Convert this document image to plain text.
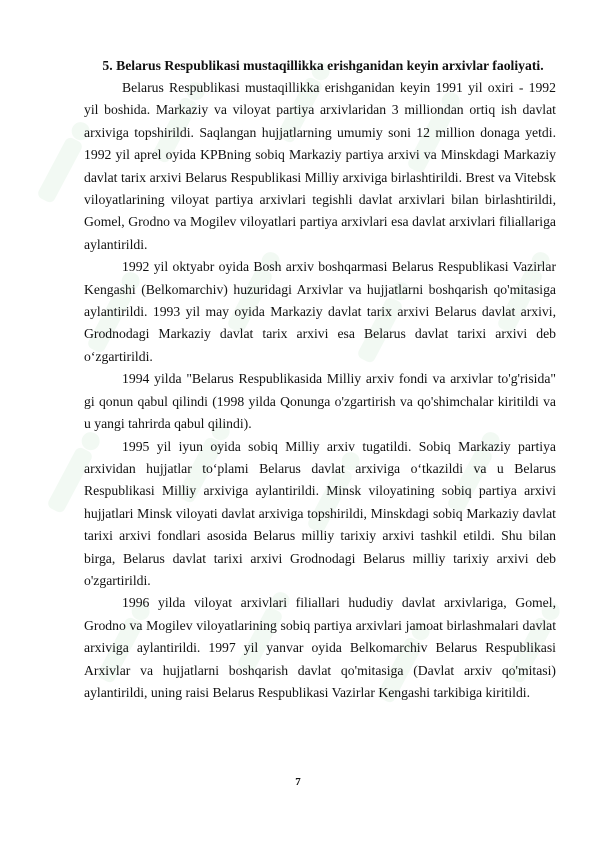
5. Belarus Respublikasi mustaqillikka erishganidan keyin arxivlar faoliyati.

Belarus Respublikasi mustaqillikka erishganidan keyin 1991 yil oxiri - 1992 yil boshida. Markaziy va viloyat partiya arxivlaridan 3 milliondan ortiq ish davlat arxiviga topshirildi. Saqlangan hujjatlarning umumiy soni 12 million donaga yetdi. 1992 yil aprel oyida KPBning sobiq Markaziy partiya arxivi va Minskdagi Markaziy davlat tarix arxivi Belarus Respublikasi Milliy arxiviga birlashtirildi. Brest va Vitebsk viloyatlarining viloyat partiya arxivlari tegishli davlat arxivlari bilan birlashtirildi, Gomel, Grodno va Mogilev viloyatlari partiya arxivlari esa davlat arxivlari filiallariga aylantirildi.

1992 yil oktyabr oyida Bosh arxiv boshqarmasi Belarus Respublikasi Vazirlar Kengashi (Belkomarchiv) huzuridagi Arxivlar va hujjatlarni boshqarish qo'mitasiga aylantirildi. 1993 yil may oyida Markaziy davlat tarix arxivi Belarus davlat arxivi, Grodnodagi Markaziy davlat tarix arxivi esa Belarus davlat tarixi arxivi deb o‘zgartirildi.

1994 yilda "Belarus Respublikasida Milliy arxiv fondi va arxivlar to'g'risida" gi qonun qabul qilindi (1998 yilda Qonunga o'zgartirish va qo'shimchalar kiritildi va u yangi tahrirda qabul qilindi).

1995 yil iyun oyida sobiq Milliy arxiv tugatildi. Sobiq Markaziy partiya arxividan hujjatlar to‘plami Belarus davlat arxiviga o‘tkazildi va u Belarus Respublikasi Milliy arxiviga aylantirildi. Minsk viloyatining sobiq partiya arxivi hujjatlari Minsk viloyati davlat arxiviga topshirildi, Minskdagi sobiq Markaziy davlat tarixi arxivi fondlari asosida Belarus milliy tarixiy arxivi tashkil etildi. Shu bilan birga, Belarus davlat tarixi arxivi Grodnodagi Belarus milliy tarixiy arxivi deb o'zgartirildi.

1996 yilda viloyat arxivlari filiallari hududiy davlat arxivlariga, Gomel, Grodno va Mogilev viloyatlarining sobiq partiya arxivlari jamoat birlashmalari davlat arxiviga aylantirildi. 1997 yil yanvar oyida Belkomarchiv Belarus Respublikasi Arxivlar va hujjatlarni boshqarish davlat qo'mitasiga (Davlat arxiv qo'mitasi) aylantirildi, uning raisi Belarus Respublikasi Vazirlar Kengashi tarkibiga kiritildi.

7
